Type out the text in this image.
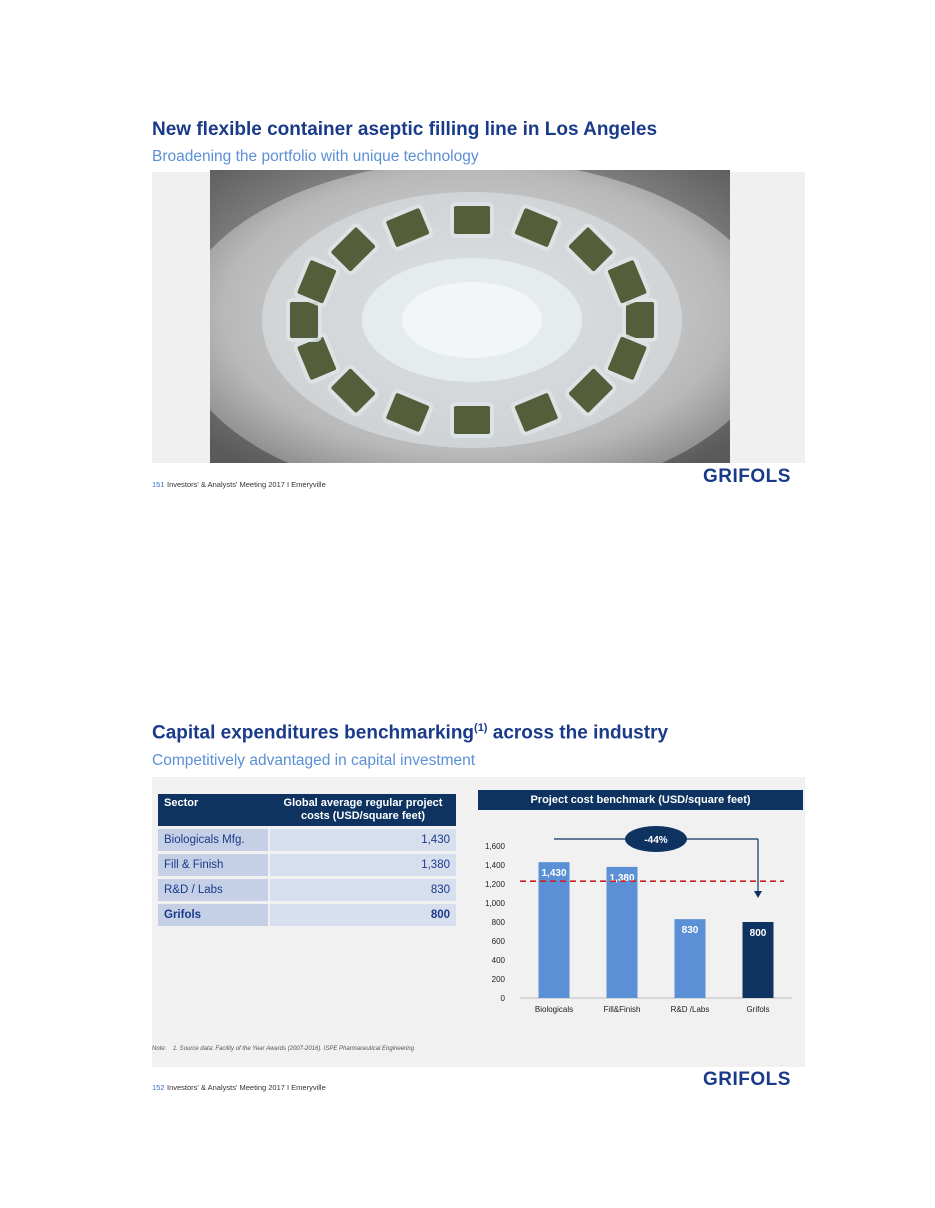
New flexible container aseptic filling line in Los Angeles
Broadening the portfolio with unique technology
151 Investors' & Analysts' Meeting 2017 I Emeryville	GRIFOLS
Capital expenditures benchmarking$^{(1)}$ across the industry
Competitively advantaged in capital investment
Sector	Global average regular project costs (USD/square feet)
Biologicals Mfg.	1,430
Fill & Finish	1,380
R&D / Labs	830
Grifols	800
Project cost benchmark (USD/square feet)
0
200
400
600
800
1,000
1,200
1,400
1,600
1,430
Biologicals
1,380
Fill&Finish
830
R&D /Labs
800
Grifols
-44%
Note: 1. Source data: Facility of the Year Awards (2007-2016). ISPE Pharmaceutical Engineering
152 Investors' & Analysts' Meeting 2017 I Emeryville	GRIFOLS
